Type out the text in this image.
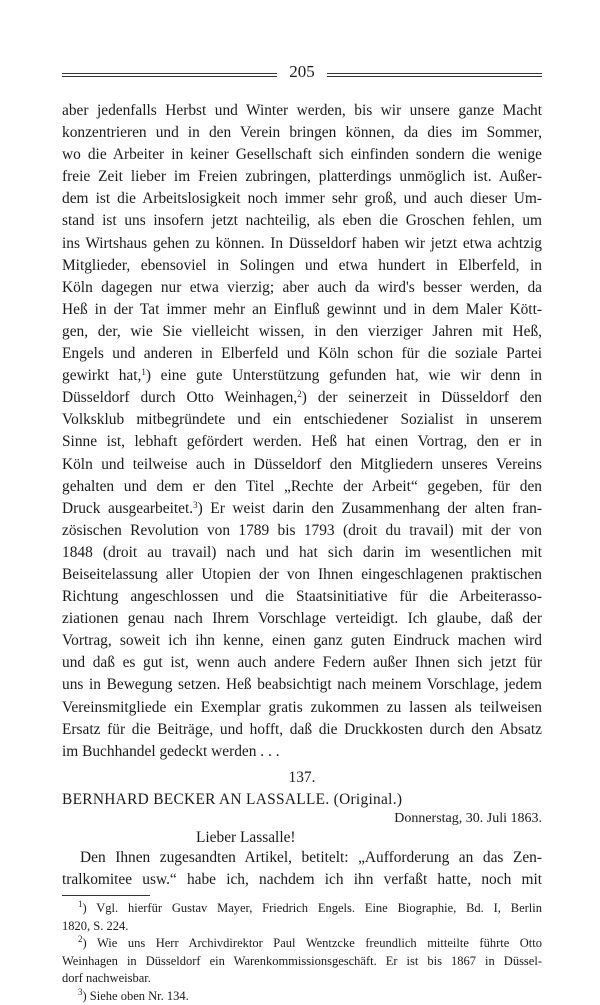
205
aber jedenfalls Herbst und Winter werden, bis wir unsere ganze Macht
konzentrieren und in den Verein bringen können, da dies im Sommer,
wo die Arbeiter in keiner Gesellschaft sich einfinden sondern die wenige
freie Zeit lieber im Freien zubringen, platterdings unmöglich ist. Außer-
dem ist die Arbeitslosigkeit noch immer sehr groß, und auch dieser Um-
stand ist uns insofern jetzt nachteilig, als eben die Groschen fehlen, um
ins Wirtshaus gehen zu können. In Düsseldorf haben wir jetzt etwa achtzig
Mitglieder, ebensoviel in Solingen und etwa hundert in Elberfeld, in
Köln dagegen nur etwa vierzig; aber auch da wird's besser werden, da
Heß in der Tat immer mehr an Einfluß gewinnt und in dem Maler Kött-
gen, der, wie Sie vielleicht wissen, in den vierziger Jahren mit Heß,
Engels und anderen in Elberfeld und Köln schon für die soziale Partei
gewirkt hat,$^1$) eine gute Unterstützung gefunden hat, wie wir denn in
Düsseldorf durch Otto Weinhagen,$^2$) der seinerzeit in Düsseldorf den
Volksklub mitbegründete und ein entschiedener Sozialist in unserem
Sinne ist, lebhaft gefördert werden. Heß hat einen Vortrag, den er in
Köln und teilweise auch in Düsseldorf den Mitgliedern unseres Vereins
gehalten und dem er den Titel „Rechte der Arbeit“ gegeben, für den
Druck ausgearbeitet.$^3$) Er weist darin den Zusammenhang der alten fran-
zösischen Revolution von 1789 bis 1793 (droit du travail) mit der von
1848 (droit au travail) nach und hat sich darin im wesentlichen mit
Beiseitelassung aller Utopien der von Ihnen eingeschlagenen praktischen
Richtung angeschlossen und die Staatsinitiative für die Arbeiterasso-
ziationen genau nach Ihrem Vorschlage verteidigt. Ich glaube, daß der
Vortrag, soweit ich ihn kenne, einen ganz guten Eindruck machen wird
und daß es gut ist, wenn auch andere Federn außer Ihnen sich jetzt für
uns in Bewegung setzen. Heß beabsichtigt nach meinem Vorschlage, jedem
Vereinsmitgliede ein Exemplar gratis zukommen zu lassen als teilweisen
Ersatz für die Beiträge, und hofft, daß die Druckkosten durch den Absatz
im Buchhandel gedeckt werden . . .
137.
BERNHARD BECKER AN LASSALLE. (Original.)
Donnerstag, 30. Juli 1863.
Lieber Lassalle!
Den Ihnen zugesandten Artikel, betitelt: „Aufforderung an das Zen-
tralkomitee usw.“ habe ich, nachdem ich ihn verfaßt hatte, noch mit
$^1$) Vgl. hierfür Gustav Mayer, Friedrich Engels. Eine Biographie, Bd. I, Berlin
1820, S. 224.
$^2$) Wie uns Herr Archivdirektor Paul Wentzcke freundlich mitteilte führte Otto
Weinhagen in Düsseldorf ein Warenkommissionsgeschäft. Er ist bis 1867 in Düssel-
dorf nachweisbar.
$^3$) Siehe oben Nr. 134.
